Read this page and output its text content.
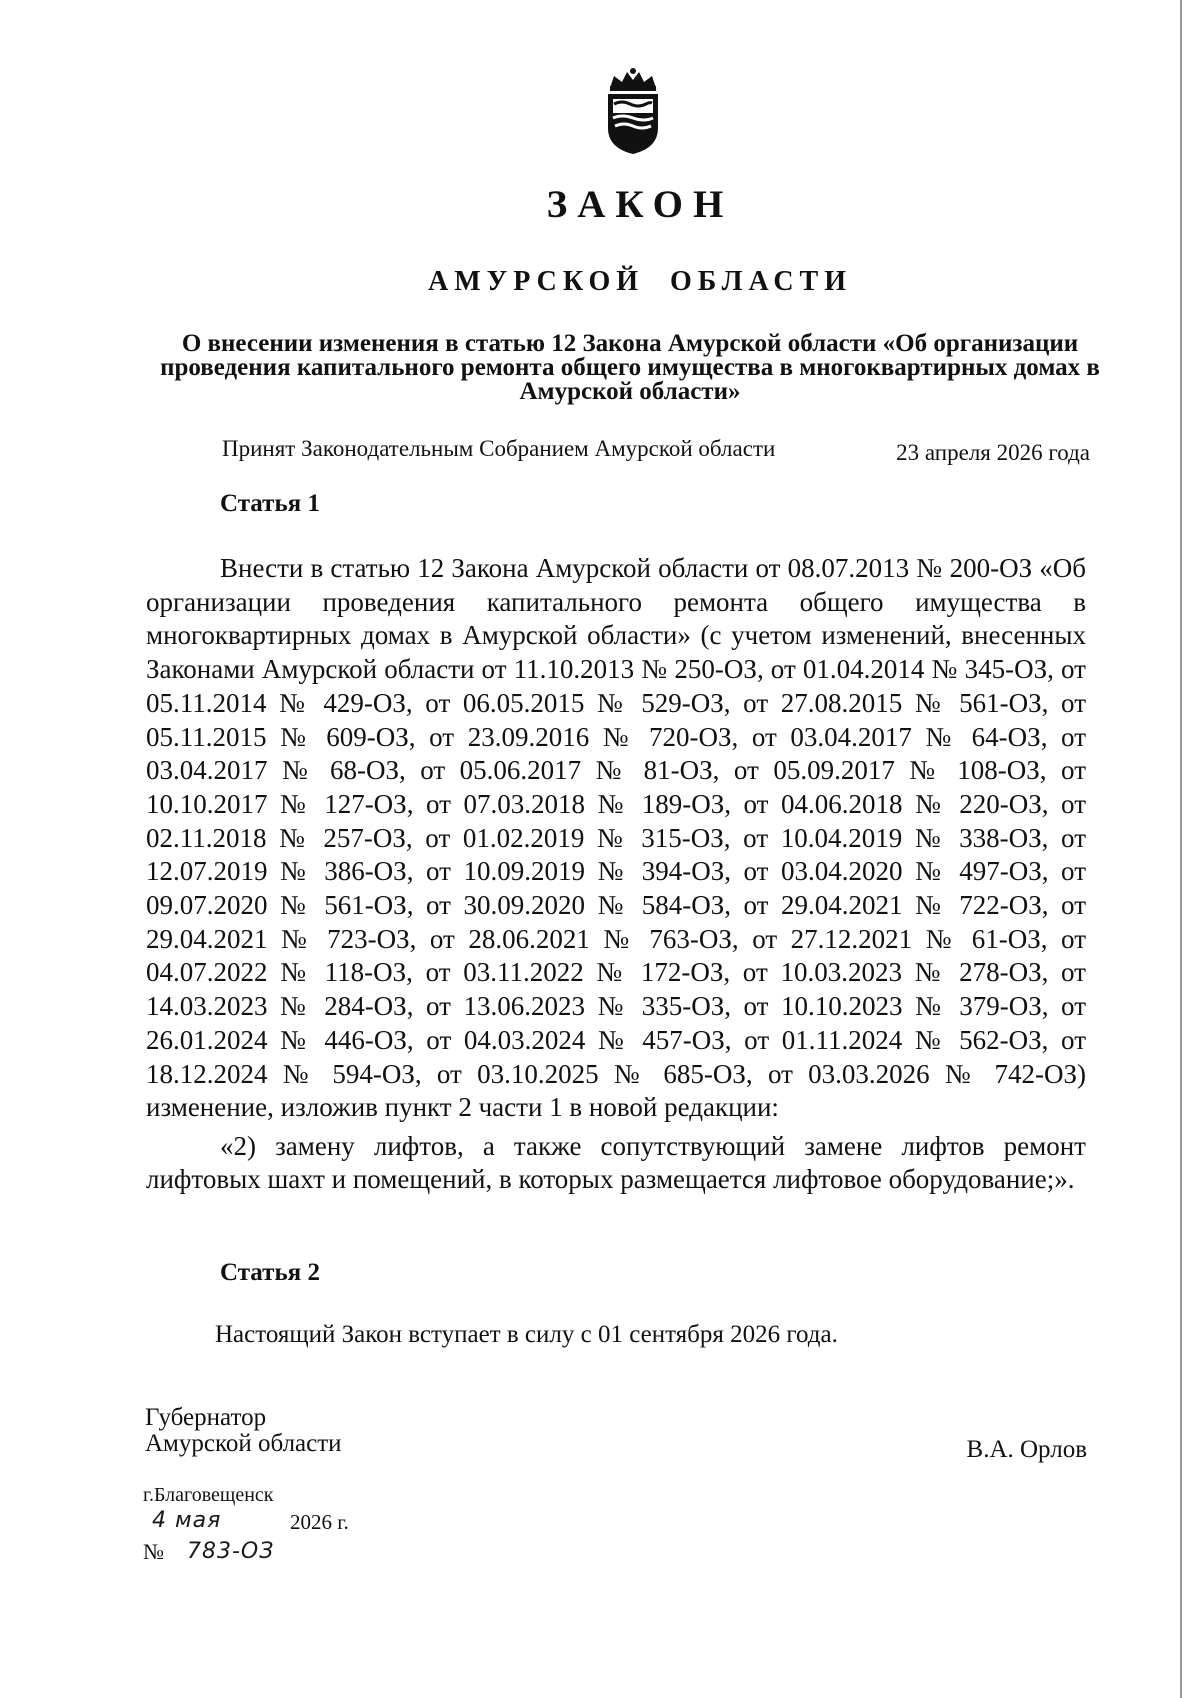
ЗАКОН
АМУРСКОЙ ОБЛАСТИ
О внесении изменения в статью 12 Закона Амурской области «Об организации проведения капитального ремонта общего имущества в многоквартирных домах в Амурской области»
Принят Законодательным Собранием Амурской области	23 апреля 2026 года
Статья 1

Внести в статью 12 Закона Амурской области от 08.07.2013 № 200-ОЗ «Об организации проведения капитального ремонта общего имущества в многоквартирных домах в Амурской области» (с учетом изменений, внесенных Законами Амурской области от 11.10.2013 № 250-ОЗ, от 01.04.2014 № 345-ОЗ, от 05.11.2014 № 429-ОЗ, от 06.05.2015 № 529-ОЗ, от 27.08.2015 № 561-ОЗ, от 05.11.2015 № 609-ОЗ, от 23.09.2016 № 720-ОЗ, от 03.04.2017 № 64-ОЗ, от 03.04.2017 № 68-ОЗ, от 05.06.2017 № 81-ОЗ, от 05.09.2017 № 108-ОЗ, от 10.10.2017 № 127-ОЗ, от 07.03.2018 № 189-ОЗ, от 04.06.2018 № 220-ОЗ, от 02.11.2018 № 257-ОЗ, от 01.02.2019 № 315-ОЗ, от 10.04.2019 № 338-ОЗ, от 12.07.2019 № 386-ОЗ, от 10.09.2019 № 394-ОЗ, от 03.04.2020 № 497-ОЗ, от 09.07.2020 № 561-ОЗ, от 30.09.2020 № 584-ОЗ, от 29.04.2021 № 722-ОЗ, от 29.04.2021 № 723-ОЗ, от 28.06.2021 № 763-ОЗ, от 27.12.2021 № 61-ОЗ, от 04.07.2022 № 118-ОЗ, от 03.11.2022 № 172-ОЗ, от 10.03.2023 № 278-ОЗ, от 14.03.2023 № 284-ОЗ, от 13.06.2023 № 335-ОЗ, от 10.10.2023 № 379-ОЗ, от 26.01.2024 № 446-ОЗ, от 04.03.2024 № 457-ОЗ, от 01.11.2024 № 562-ОЗ, от 18.12.2024 № 594-ОЗ, от 03.10.2025 № 685-ОЗ, от 03.03.2026 № 742-ОЗ) изменение, изложив пункт 2 части 1 в новой редакции:

«2) замену лифтов, а также сопутствующий замене лифтов ремонт лифтовых шахт и помещений, в которых размещается лифтовое оборудование;».

Статья 2
Настоящий Закон вступает в силу с 01 сентября 2026 года.
Губернатор
Амурской области	В.А. Орлов
г.Благовещенск
4 мая	2026 г.
№ 783-ОЗ
